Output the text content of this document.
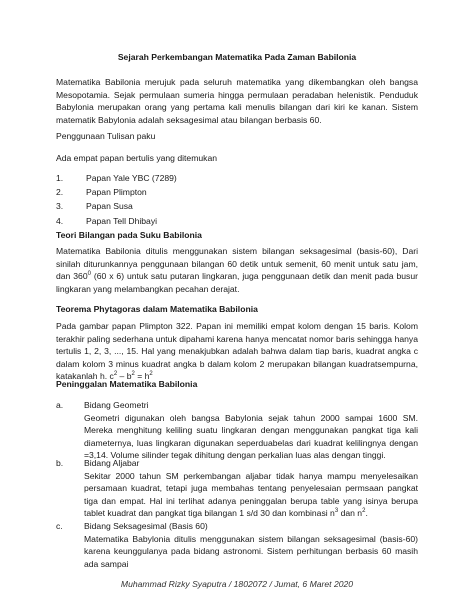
Sejarah Perkembangan Matematika Pada Zaman Babilonia
Matematika Babilonia merujuk pada seluruh matematika yang dikembangkan oleh bangsa Mesopotamia. Sejak permulaan sumeria hingga permulaan peradaban helenistik. Penduduk Babylonia merupakan orang yang pertama kali menulis bilangan dari kiri ke kanan. Sistem matematik Babylonia adalah seksagesimal atau bilangan berbasis 60.
Penggunaan Tulisan paku
Ada empat papan bertulis yang ditemukan
1.	Papan Yale YBC (7289)
2.	Papan Plimpton
3.	Papan Susa
4.	Papan Tell Dhibayi
Teori Bilangan pada Suku Babilonia
Matematika Babilonia ditulis menggunakan sistem bilangan seksagesimal (basis-60), Dari sinilah diturunkannya penggunaan bilangan 60 detik untuk semenit, 60 menit untuk satu jam, dan $360^0$ (60 x 6) untuk satu putaran lingkaran, juga penggunaan detik dan menit pada busur lingkaran yang melambangkan pecahan derajat.
Teorema Phytagoras dalam Matematika Babilonia
Pada gambar papan Plimpton 322. Papan ini memiliki empat kolom dengan 15 baris. Kolom terakhir paling sederhana untuk dipahami karena hanya mencatat nomor baris sehingga hanya tertulis 1, 2, 3, ..., 15. Hal yang menakjubkan adalah bahwa dalam tiap baris, kuadrat angka c dalam kolom 3 minus kuadrat angka b dalam kolom 2 merupakan bilangan kuadratsempurna, katakanlah h. $c^2 - b^2 = h^2$
Peninggalan Matematika Babilonia
a.	Bidang Geometri
Geometri digunakan oleh bangsa Babylonia sejak tahun 2000 sampai 1600 SM. Mereka menghitung keliling suatu lingkaran dengan menggunakan pangkat tiga kali diameternya, luas lingkaran digunakan seperduabelas dari kuadrat kelilingnya dengan =3,14. Volume silinder tegak dihitung dengan perkalian luas alas dengan tinggi.
b.	Bidang Aljabar
Sekitar 2000 tahun SM perkembangan aljabar tidak hanya mampu menyelesaikan persamaan kuadrat, tetapi juga membahas tentang penyelesaian permsaan pangkat tiga dan empat. Hal ini terlihat adanya peninggalan berupa table yang isinya berupa tablet kuadrat dan pangkat tiga bilangan 1 s/d 30 dan kombinasi $n^3$ dan $n^2$.
c.	Bidang Seksagesimal (Basis 60)
Matematika Babylonia ditulis menggunakan sistem bilangan seksagesimal (basis-60) karena keunggulanya pada bidang astronomi. Sistem perhitungan berbasis 60 masih ada sampai
Muhammad Rizky Syaputra / 1802072 / Jumat, 6 Maret 2020
